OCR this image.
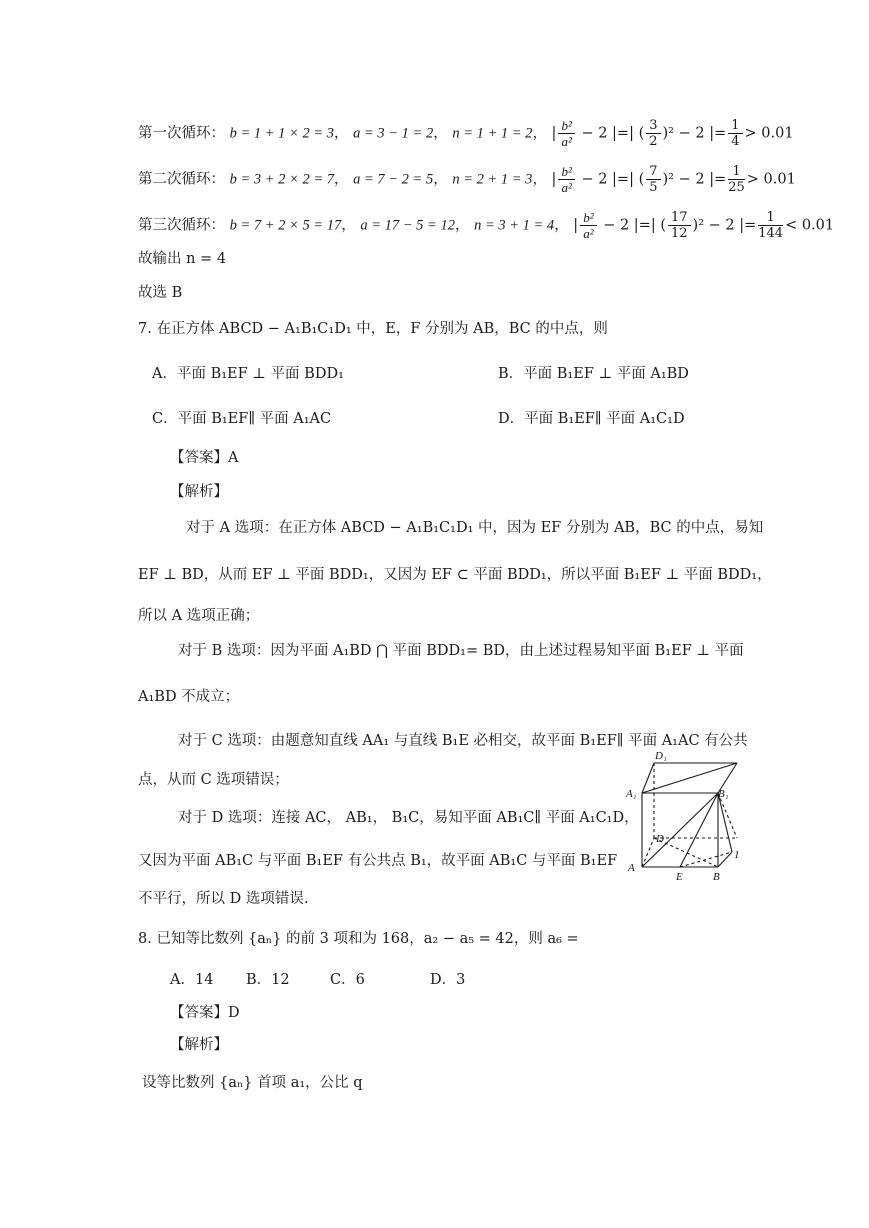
第一次循环： b = 1 + 1 × 2 = 3， a = 3 − 1 = 2， n = 1 + 1 = 2， | $\frac{\text{b²}}{\text{a²}} - 2$ |=| ( $\frac{3}{2} )^2 - 2$ |= $\frac{1}{4} > 0.01$
第二次循环： b = 3 + 2 × 2 = 7， a = 7 − 2 = 5， n = 2 + 1 = 3， | $\frac{\text{b²}}{\text{a²}} - 2$ |=| ( $\frac{7}{5} )^2 - 2$ |= $\frac{1}{25} > 0.01$
第三次循环： b = 7 + 2 × 5 = 17， a = 17 − 5 = 12， n = 3 + 1 = 4， | $\frac{\text{b²}}{\text{a²}} - 2$ |=| ( $\frac{17}{12} )^2 - 2$ |= $\frac{1}{144} < 0.01$
故输出 n = 4
故选 B
7. 在正方体 ABCD − A₁B₁C₁D₁ 中，E，F 分别为 AB，BC 的中点，则
A．平面 B₁EF ⊥ 平面 BDD₁	B．平面 B₁EF ⊥ 平面 A₁BD
C．平面 B₁EF∥ 平面 A₁AC	D．平面 B₁EF∥ 平面 A₁C₁D
【答案】A
【解析】
对于 A 选项：在正方体 ABCD − A₁B₁C₁D₁ 中，因为 EF 分别为 AB，BC 的中点，易知
EF ⊥ BD，从而 EF ⊥ 平面 BDD₁，又因为 EF ⊂ 平面 BDD₁，所以平面 B₁EF ⊥ 平面 BDD₁，
所以 A 选项正确；
对于 B 选项：因为平面 A₁BD ⋂ 平面 BDD₁= BD，由上述过程易知平面 B₁EF ⊥ 平面
A₁BD 不成立；
对于 C 选项：由题意知直线 AA₁ 与直线 B₁E 必相交，故平面 B₁EF∥ 平面 A₁AC 有公共
点，从而 C 选项错误；
对于 D 选项：连接 AC， AB₁， B₁C，易知平面 AB₁C∥ 平面 A₁C₁D，
又因为平面 AB₁C 与平面 B₁EF 有公共点 B₁，故平面 AB₁C 与平面 B₁EF
不平行，所以 D 选项错误.
D₁
A₁	B₁
D
A
E	B
1
8. 已知等比数列 {aₙ} 的前 3 项和为 168，a₂ − a₅ = 42，则 a₆ =
A．14 B．12	C．6	D．3
【答案】D
【解析】
设等比数列 {aₙ} 首项 a₁，公比 q
